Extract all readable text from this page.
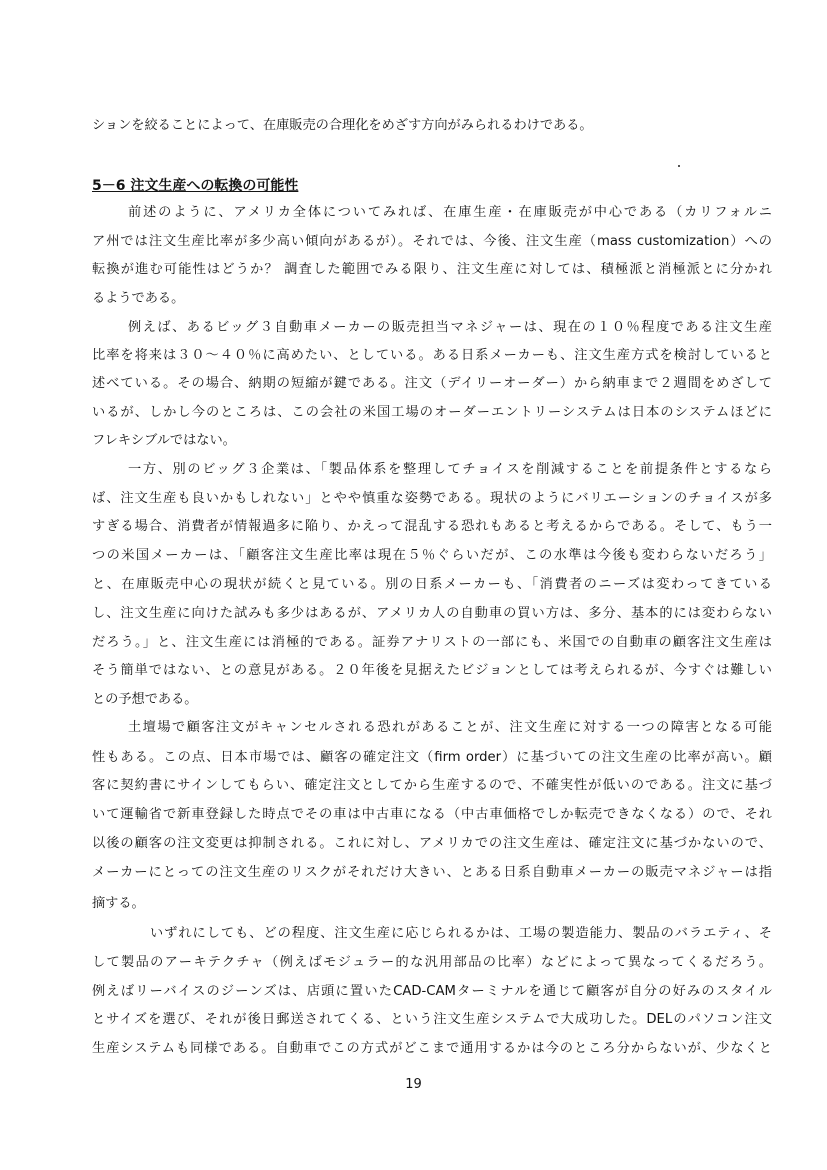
ションを絞ることによって、在庫販売の合理化をめざす方向がみられるわけである。
5－6 注文生産への転換の可能性
前述のように、アメリカ全体についてみれば、在庫生産・在庫販売が中心である（カリフォルニ
ア州では注文生産比率が多少高い傾向があるが）。それでは、今後、注文生産（mass customization）への
転換が進む可能性はどうか？ 調査した範囲でみる限り、注文生産に対しては、積極派と消極派とに分かれ
るようである。
例えば、あるビッグ３自動車メーカーの販売担当マネジャーは、現在の１０％程度である注文生産
比率を将来は３０～４０％に高めたい、としている。ある日系メーカーも、注文生産方式を検討していると
述べている。その場合、納期の短縮が鍵である。注文（デイリーオーダー）から納車まで２週間をめざして
いるが、しかし今のところは、この会社の米国工場のオーダーエントリーシステムは日本のシステムほどに
フレキシブルではない。
一方、別のビッグ３企業は、「製品体系を整理してチョイスを削減することを前提条件とするなら
ば、注文生産も良いかもしれない」とやや慎重な姿勢である。現状のようにバリエーションのチョイスが多
すぎる場合、消費者が情報過多に陥り、かえって混乱する恐れもあると考えるからである。そして、もう一
つの米国メーカーは、「顧客注文生産比率は現在５％ぐらいだが、この水準は今後も変わらないだろう」
と、在庫販売中心の現状が続くと見ている。別の日系メーカーも、「消費者のニーズは変わってきている
し、注文生産に向けた試みも多少はあるが、アメリカ人の自動車の買い方は、多分、基本的には変わらない
だろう。」と、注文生産には消極的である。証券アナリストの一部にも、米国での自動車の顧客注文生産は
そう簡単ではない、との意見がある。２０年後を見据えたビジョンとしては考えられるが、今すぐは難しい
との予想である。
土壇場で顧客注文がキャンセルされる恐れがあることが、注文生産に対する一つの障害となる可能
性もある。この点、日本市場では、顧客の確定注文（firm order）に基づいての注文生産の比率が高い。顧
客に契約書にサインしてもらい、確定注文としてから生産するので、不確実性が低いのである。注文に基づ
いて運輸省で新車登録した時点でその車は中古車になる（中古車価格でしか転売できなくなる）ので、それ
以後の顧客の注文変更は抑制される。これに対し、アメリカでの注文生産は、確定注文に基づかないので、
メーカーにとっての注文生産のリスクがそれだけ大きい、とある日系自動車メーカーの販売マネジャーは指
摘する。
いずれにしても、どの程度、注文生産に応じられるかは、工場の製造能力、製品のバラエティ、そ
して製品のアーキテクチャ（例えばモジュラー的な汎用部品の比率）などによって異なってくるだろう。
例えばリーバイスのジーンズは、店頭に置いたCAD-CAMターミナルを通じて顧客が自分の好みのスタイル
とサイズを選び、それが後日郵送されてくる、という注文生産システムで大成功した。DELのパソコン注文
生産システムも同様である。自動車でこの方式がどこまで通用するかは今のところ分からないが、少なくと
19
